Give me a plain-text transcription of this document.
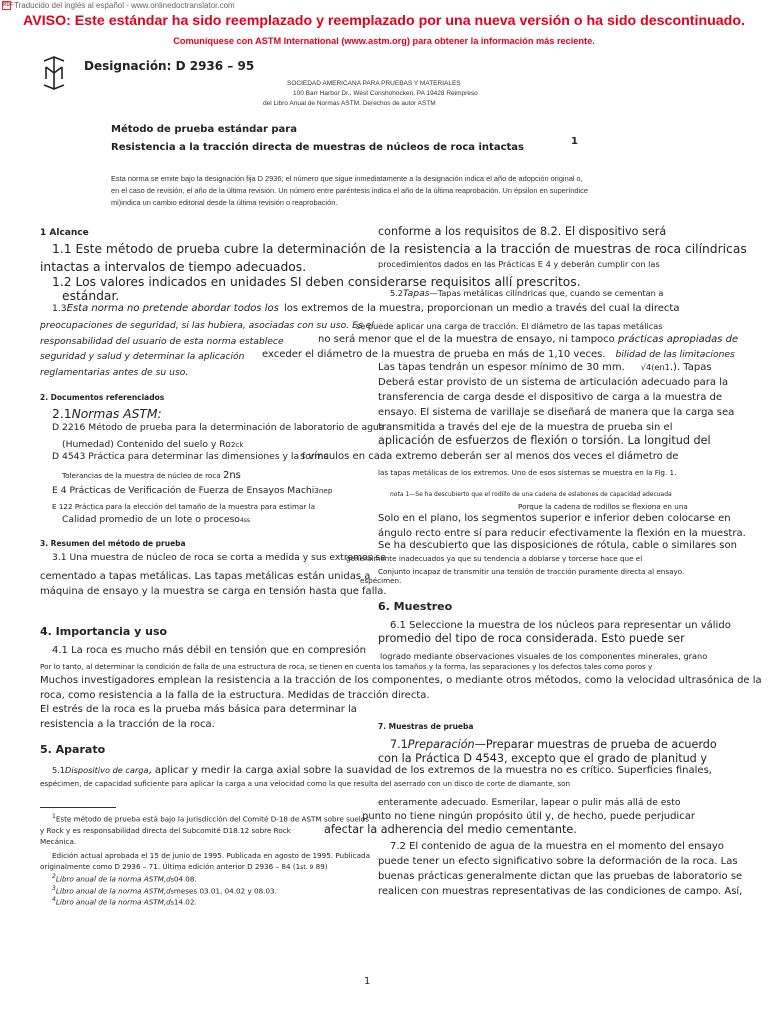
PDF Traducido del inglés al español - www.onlinedoctranslator.com
AVISO: Este estándar ha sido reemplazado y reemplazado por una nueva versión o ha sido descontinuado.
Comuníquese con ASTM International (www.astm.org) para obtener la información más reciente.
Designación: D 2936 – 95
SOCIEDAD AMERICANA PARA PRUEBAS Y MATERIALES
100 Barr Harbor Dr., West Conshohocken, PA 19428 Reimpreso
del Libro Anual de Normas ASTM. Derechos de autor ASTM
Método de prueba estándar para
Resistencia a la tracción directa de muestras de núcleos de roca intactas
1
Esta norma se emite bajo la designación fija D 2936; el número que sigue inmediatamente a la designación indica el año de adopción original o,
en el caso de revisión, el año de la última revisión. Un número entre paréntesis indica el año de la última reaprobación. Un épsilon en superíndice
mi)indica un cambio editorial desde la última revisión o reaprobación.
1 Alcance
1.1 Este método de prueba cubre la determinación de la resistencia a la tracción de muestras de roca cilíndricas
intactas a intervalos de tiempo adecuados.
1.2 Los valores indicados en unidades SI deben considerarse requisitos allí prescritos.
estándar.
1.3Esta norma no pretende abordar todos los
preocupaciones de seguridad, si las hubiera, asociadas con su uso. Es el
responsabilidad del usuario de esta norma establece
seguridad y salud y determinar la aplicación
reglamentarias antes de su uso.
2. Documentos referenciados
2.1Normas ASTM:
D 2216 Método de prueba para la determinación de laboratorio de agua
(Humedad) Contenido del suelo y Ro2ck
D 4543 Práctica para determinar las dimensiones y la forma
Tolerancias de la muestra de núcleo de roca 2ns
E 4 Prácticas de Verificación de Fuerza de Ensayos Machi3nep
E 122 Práctica para la elección del tamaño de la muestra para estimar la
Calidad promedio de un lote o proceso4ss
3. Resumen del método de prueba
3.1 Una muestra de núcleo de roca se corta a medida y sus extremos se
cementado a tapas metálicas. Las tapas metálicas están unidas a
máquina de ensayo y la muestra se carga en tensión hasta que falla.
4. Importancia y uso
4.1 La roca es mucho más débil en tensión que en compresión
Por lo tanto, al determinar la condición de falla de una estructura de roca, se tienen en cuenta los tamaños y la forma, las separaciones y los defectos tales como poros y
Muchos investigadores emplean la resistencia a la tracción de los componentes, o mediante otros métodos, como la velocidad ultrasónica de la
roca, como resistencia a la falla de la estructura. Medidas de tracción directa.
El estrés de la roca es la prueba más básica para determinar la
resistencia a la tracción de la roca.
5. Aparato
5.1Dispositivo de carga, aplicar y medir la carga axial sobre la suavidad de los extremos de la muestra no es crítico. Superficies finales,
espécimen, de capacidad suficiente para aplicar la carga a una velocidad como la que resulta del aserrado con un disco de corte de diamante, son
conforme a los requisitos de 8.2. El dispositivo será
procedimientos dados en las Prácticas E 4 y deberán cumplir con las
5.2Tapas—Tapas metálicas cilíndricas que, cuando se cementan a
los extremos de la muestra, proporcionan un medio a través del cual la directa
se puede aplicar una carga de tracción. El diámetro de las tapas metálicas
no será menor que el de la muestra de ensayo, ni tampoco prácticas apropiadas de
exceder el diámetro de la muestra de prueba en más de 1,10 veces. bilidad de las limitaciones
Las tapas tendrán un espesor mínimo de 30 mm. √4(en1.). Tapas
Deberá estar provisto de un sistema de articulación adecuado para la
transferencia de carga desde el dispositivo de carga a la muestra de
ensayo. El sistema de varillaje se diseñará de manera que la carga sea
transmitida a través del eje de la muestra de prueba sin el
aplicación de esfuerzos de flexión o torsión. La longitud del
s vínculos en cada extremo deberán ser al menos dos veces el diámetro de
las tapas metálicas de los extremos. Uno de esos sistemas se muestra en la Fig. 1.
nota 1—Se ha descubierto que el rodillo de una cadena de eslabones de capacidad adecuada
Porque la cadena de rodillos se flexiona en una
Solo en el plano, los segmentos superior e inferior deben colocarse en
ángulo recto entre sí para reducir efectivamente la flexión en la muestra.
Se ha descubierto que las disposiciones de rótula, cable o similares son
generalmente inadecuados ya que su tendencia a doblarse y torcerse hace que el
Conjunto incapaz de transmitir una tensión de tracción puramente directa al ensayo.
espécimen.
6. Muestreo
6.1 Seleccione la muestra de los núcleos para representar un válido
promedio del tipo de roca considerada. Esto puede ser
logrado mediante observaciones visuales de los componentes minerales, grano
7. Muestras de prueba
7.1Preparación—Preparar muestras de prueba de acuerdo
con la Práctica D 4543, excepto que el grado de planitud y
enteramente adecuado. Esmerilar, lapear o pulir más allá de esto
punto no tiene ningún propósito útil y, de hecho, puede perjudicar
afectar la adherencia del medio cementante.
7.2 El contenido de agua de la muestra en el momento del ensayo
puede tener un efecto significativo sobre la deformación de la roca. Las
buenas prácticas generalmente dictan que las pruebas de laboratorio se
realicen con muestras representativas de las condiciones de campo. Así,
$^1$Este método de prueba está bajo la jurisdicción del Comité D-18 de ASTM sobre suelos
y Rock y es responsabilidad directa del Subcomité D18.12 sobre Rock
Mecánica.
Edición actual aprobada el 15 de junio de 1995. Publicada en agosto de 1995. Publicada
originalmente como D 2936 – 71. Última edición anterior D 2936 – 84 (1st. 9 89)
$^2$Libro anual de la norma ASTM,ds04.08.
$^3$Libro anual de la norma ASTM,dsmeses 03.01, 04.02 y 08.03.
$^4$Libro anual de la norma ASTM,ds14.02.
1
